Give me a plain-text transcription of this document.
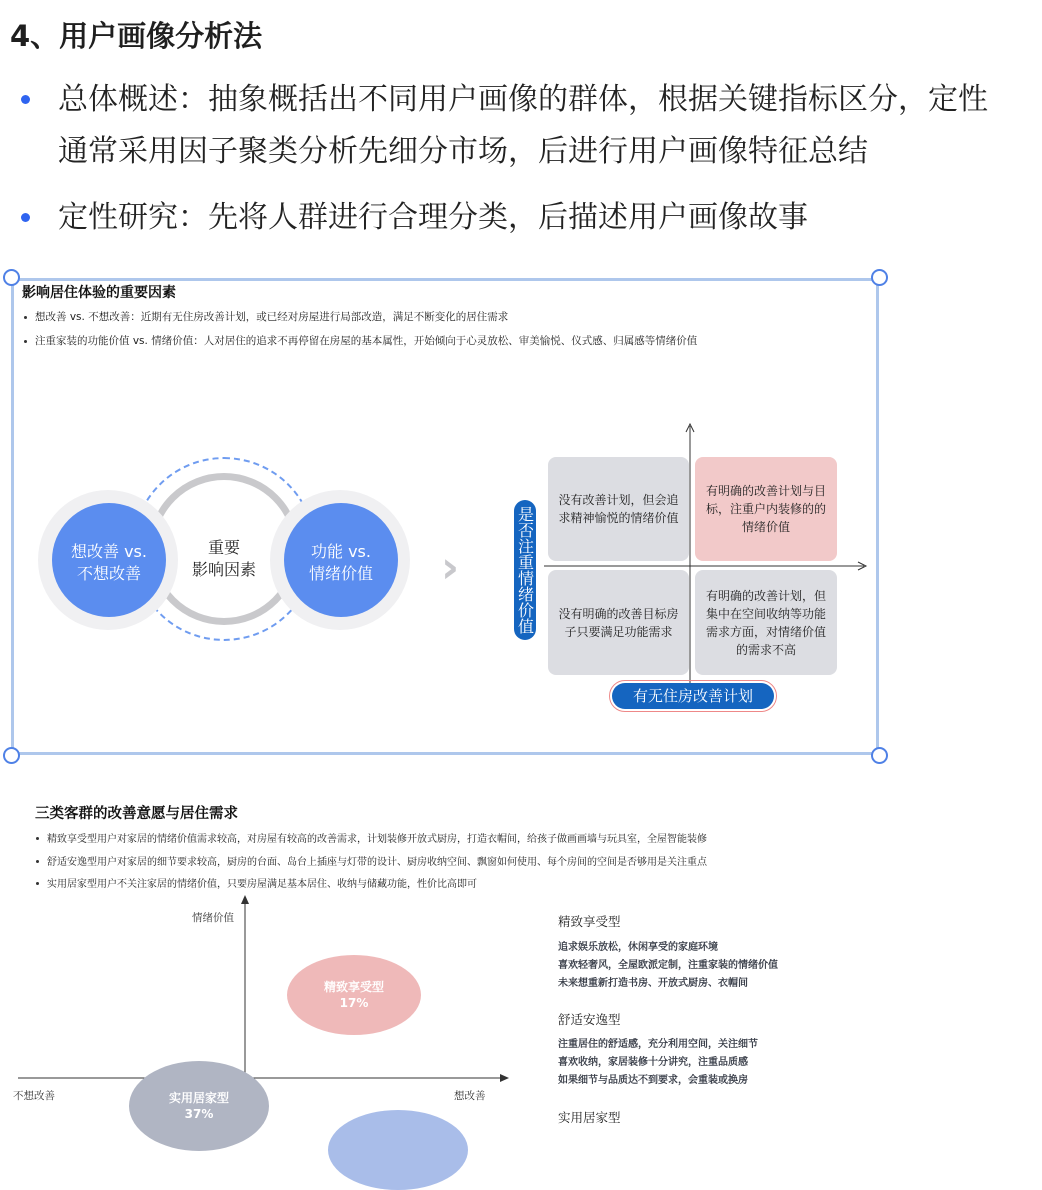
4、用户画像分析法
总体概述：抽象概括出不同用户画像的群体，根据关键指标区分，定性
通常采用因子聚类分析先细分市场，后进行用户画像特征总结
定性研究：先将人群进行合理分类，后描述用户画像故事
影响居住体验的重要因素
想改善 vs. 不想改善：近期有无住房改善计划，或已经对房屋进行局部改造，满足不断变化的居住需求
注重家装的功能价值 vs. 情绪价值：人对居住的追求不再停留在房屋的基本属性，开始倾向于心灵放松、审美愉悦、仪式感、归属感等情绪价值
想改善 vs.
不想改善
功能 vs.
情绪价值
重要
影响因素	›
没有改善计划，但会追求精神愉悦的情绪价值
有明确的改善计划与目标，注重户内装修的的情绪价值
没有明确的改善目标房子只要满足功能需求
有明确的改善计划，但集中在空间收纳等功能需求方面，对情绪价值的需求不高
是否注重情绪价值
有无住房改善计划
三类客群的改善意愿与居住需求
精致享受型用户对家居的情绪价值需求较高，对房屋有较高的改善需求，计划装修开放式厨房，打造衣帽间，给孩子做画画墙与玩具室，全屋智能装修
舒适安逸型用户对家居的细节要求较高，厨房的台面、岛台上插座与灯带的设计、厨房收纳空间、飘窗如何使用、每个房间的空间是否够用是关注重点
实用居家型用户不关注家居的情绪价值，只要房屋满足基本居住、收纳与储藏功能，性价比高即可
情绪价值
不想改善	想改善
精致享受型
17%
实用居家型
37%
精致享受型
追求娱乐放松，休闲享受的家庭环境
喜欢轻奢风，全屋欧派定制，注重家装的情绪价值
未来想重新打造书房、开放式厨房、衣帽间
舒适安逸型
注重居住的舒适感，充分利用空间，关注细节
喜欢收纳，家居装修十分讲究，注重品质感
如果细节与品质达不到要求，会重装或换房
实用居家型
